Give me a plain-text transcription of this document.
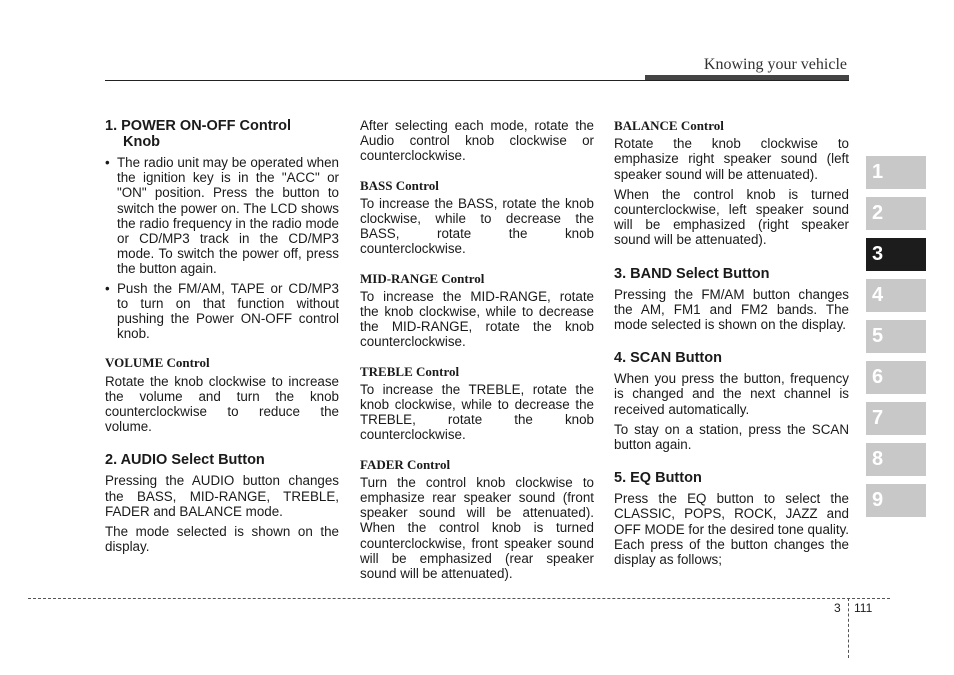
Knowing your vehicle
1. POWER ON-OFF Control
Knob
• The radio unit may be operated when the ignition key is in the "ACC" or "ON" position. Press the button to switch the power on. The LCD shows the radio frequency in the radio mode or CD/MP3 track in the CD/MP3 mode. To switch the power off, press the button again.
• Push the FM/AM, TAPE or CD/MP3 to turn on that function without pushing the Power ON-OFF control knob.
VOLUME Control

Rotate the knob clockwise to increase the volume and turn the knob counterclockwise to reduce the volume.

2. AUDIO Select Button

Pressing the AUDIO button changes the BASS, MID-RANGE, TREBLE, FADER and BALANCE mode.

The mode selected is shown on the display.

After selecting each mode, rotate the Audio control knob clockwise or counterclockwise.

BASS Control

To increase the BASS, rotate the knob clockwise, while to decrease the BASS, rotate the knob counterclockwise.

MID-RANGE Control

To increase the MID-RANGE, rotate the knob clockwise, while to decrease the MID-RANGE, rotate the knob counterclockwise.

TREBLE Control

To increase the TREBLE, rotate the knob clockwise, while to decrease the TREBLE, rotate the knob counterclockwise.

FADER Control

Turn the control knob clockwise to emphasize rear speaker sound (front speaker sound will be attenuated). When the control knob is turned counterclockwise, front speaker sound will be emphasized (rear speaker sound will be attenuated).

BALANCE Control

Rotate the knob clockwise to emphasize right speaker sound (left speaker sound will be attenuated).

When the control knob is turned counterclockwise, left speaker sound will be emphasized (right speaker sound will be attenuated).

3. BAND Select Button

Pressing the FM/AM button changes the AM, FM1 and FM2 bands. The mode selected is shown on the display.

4. SCAN Button

When you press the button, frequency is changed and the next channel is received automatically.

To stay on a station, press the SCAN button again.

5. EQ Button

Press the EQ button to select the CLASSIC, POPS, ROCK, JAZZ and OFF MODE for the desired tone quality. Each press of the button changes the display as follows;

1
2
3
4
5
6
7
8
9
3 111
